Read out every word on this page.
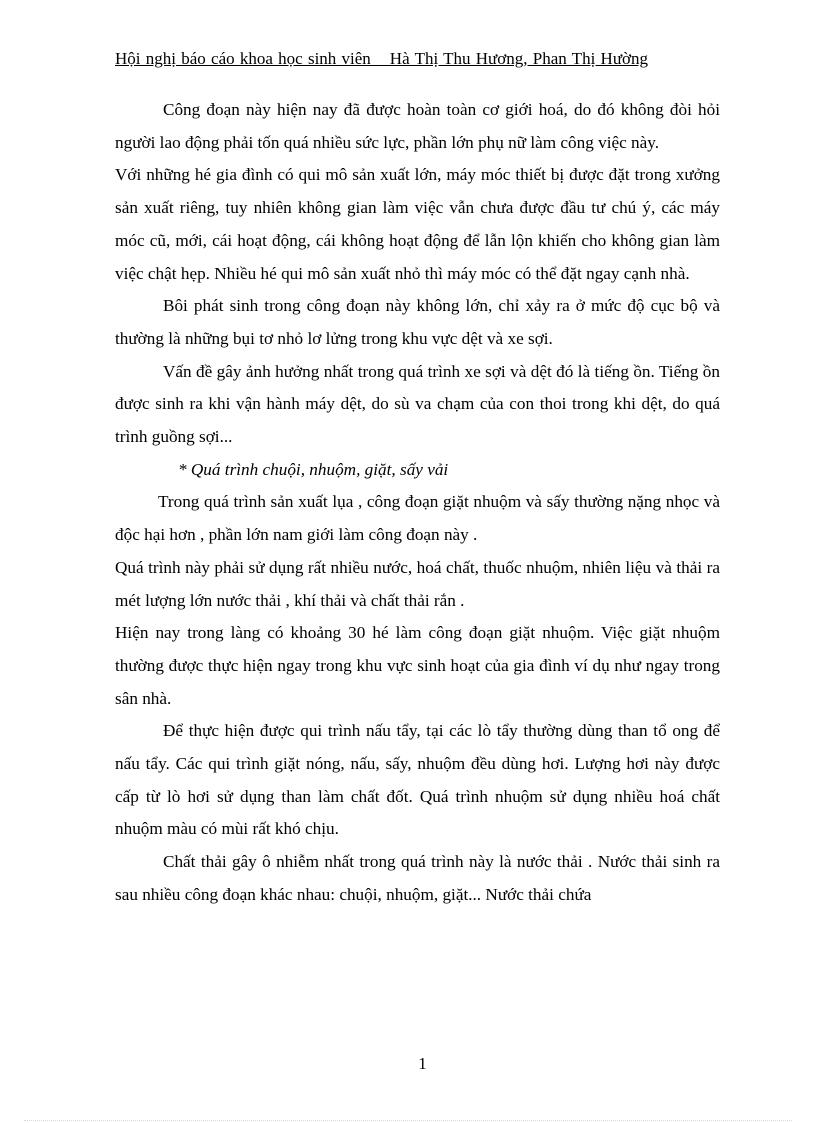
Hội nghị báo cáo khoa học sinh viên _ Hà Thị Thu Hương, Phan Thị Hường

Công đoạn này hiện nay đã được hoàn toàn cơ giới hoá, do đó không đòi hỏi người lao động phải tốn quá nhiều sức lực, phần lớn phụ nữ làm công việc này.

Với những hé gia đình có qui mô sản xuất lớn, máy móc thiết bị được đặt trong xưởng sản xuất riêng, tuy nhiên không gian làm việc vẫn chưa được đầu tư chú ý, các máy móc cũ, mới, cái hoạt động, cái không hoạt động để lẫn lộn khiến cho không gian làm việc chật hẹp. Nhiều hé qui mô sản xuất nhỏ thì máy móc có thể đặt ngay cạnh nhà.

Bôi phát sinh trong công đoạn này không lớn, chỉ xảy ra ở mức độ cục bộ và thường là những bụi tơ nhỏ lơ lửng trong khu vực dệt và xe sợi.

Vấn đề gây ảnh hưởng nhất trong quá trình xe sợi và dệt đó là tiếng ồn. Tiếng ồn được sinh ra khi vận hành máy dệt, do sù va chạm của con thoi trong khi dệt, do quá trình guồng sợi...

* Quá trình chuội, nhuộm, giặt, sấy vải

Trong quá trình sản xuất lụa , công đoạn giặt nhuộm và sấy thường nặng nhọc và độc hại hơn , phần lớn nam giới làm công đoạn này .

Quá trình này phải sử dụng rất nhiều nước, hoá chất, thuốc nhuộm, nhiên liệu và thải ra mét lượng lớn nước thải , khí thải và chất thải rắn .

Hiện nay trong làng có khoảng 30 hé làm công đoạn giặt nhuộm. Việc giặt nhuộm thường được thực hiện ngay trong khu vực sinh hoạt của gia đình ví dụ như ngay trong sân nhà.

Để thực hiện được qui trình nấu tẩy, tại các lò tẩy thường dùng than tổ ong để nấu tẩy. Các qui trình giặt nóng, nấu, sấy, nhuộm đều dùng hơi. Lượng hơi này được cấp từ lò hơi sử dụng than làm chất đốt. Quá trình nhuộm sử dụng nhiều hoá chất nhuộm màu có mùi rất khó chịu.

Chất thải gây ô nhiễm nhất trong quá trình này là nước thải . Nước thải sinh ra sau nhiều công đoạn khác nhau: chuội, nhuộm, giặt... Nước thải chứa

1
